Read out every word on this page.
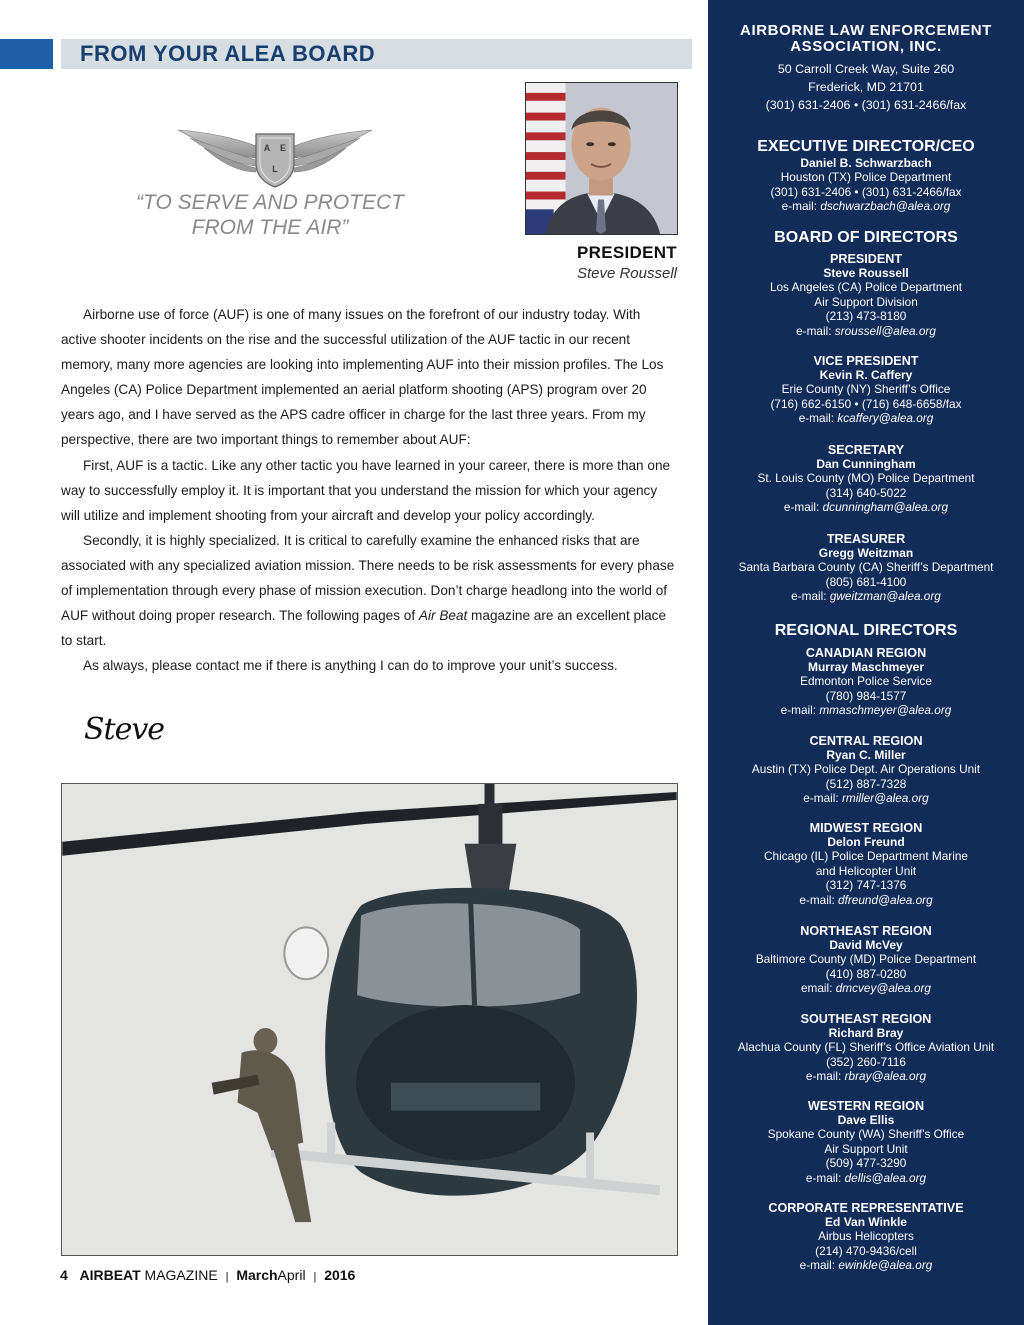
FROM YOUR ALEA BOARD
A E
L
“TO SERVE AND PROTECT
FROM THE AIR”
PRESIDENT
Steve Roussell

Airborne use of force (AUF) is one of many issues on the forefront of our industry today. With active shooter incidents on the rise and the successful utilization of the AUF tactic in our recent memory, many more agencies are looking into implementing AUF into their mission profiles. The Los Angeles (CA) Police Department implemented an aerial platform shooting (APS) program over 20 years ago, and I have served as the APS cadre officer in charge for the last three years. From my perspective, there are two important things to remember about AUF:

First, AUF is a tactic. Like any other tactic you have learned in your career, there is more than one way to successfully employ it. It is important that you understand the mission for which your agency will utilize and implement shooting from your aircraft and develop your policy accordingly.

Secondly, it is highly specialized. It is critical to carefully examine the enhanced risks that are associated with any specialized aviation mission. There needs to be risk assessments for every phase of implementation through every phase of mission execution. Don’t charge headlong into the world of AUF without doing proper research. The following pages of Air Beat magazine are an excellent place to start.

As always, please contact me if there is anything I can do to improve your unit’s success.

Steve
4 AIRBEAT MAGAZINE | MarchApril | 2016
AIRBORNE LAW ENFORCEMENT
ASSOCIATION, INC.
50 Carroll Creek Way, Suite 260
Frederick, MD 21701
(301) 631-2406 • (301) 631-2466/fax
EXECUTIVE DIRECTOR/CEO
Daniel B. Schwarzbach
Houston (TX) Police Department
(301) 631-2406 • (301) 631-2466/fax
e-mail: dschwarzbach@alea.org
BOARD OF DIRECTORS
PRESIDENT
Steve Roussell
Los Angeles (CA) Police Department
Air Support Division
(213) 473-8180
e-mail: sroussell@alea.org
VICE PRESIDENT
Kevin R. Caffery
Erie County (NY) Sheriff’s Office
(716) 662-6150 • (716) 648-6658/fax
e-mail: kcaffery@alea.org
SECRETARY
Dan Cunningham
St. Louis County (MO) Police Department
(314) 640-5022
e-mail: dcunningham@alea.org
TREASURER
Gregg Weitzman
Santa Barbara County (CA) Sheriff’s Department
(805) 681-4100
e-mail: gweitzman@alea.org
REGIONAL DIRECTORS
CANADIAN REGION
Murray Maschmeyer
Edmonton Police Service
(780) 984-1577
e-mail: mmaschmeyer@alea.org
CENTRAL REGION
Ryan C. Miller
Austin (TX) Police Dept. Air Operations Unit
(512) 887-7328
e-mail: rmiller@alea.org
MIDWEST REGION
Delon Freund
Chicago (IL) Police Department Marine
and Helicopter Unit
(312) 747-1376
e-mail: dfreund@alea.org
NORTHEAST REGION
David McVey
Baltimore County (MD) Police Department
(410) 887-0280
email: dmcvey@alea.org
SOUTHEAST REGION
Richard Bray
Alachua County (FL) Sheriff’s Office Aviation Unit
(352) 260-7116
e-mail: rbray@alea.org
WESTERN REGION
Dave Ellis
Spokane County (WA) Sheriff’s Office
Air Support Unit
(509) 477-3290
e-mail: dellis@alea.org
CORPORATE REPRESENTATIVE
Ed Van Winkle
Airbus Helicopters
(214) 470-9436/cell
e-mail: ewinkle@alea.org
